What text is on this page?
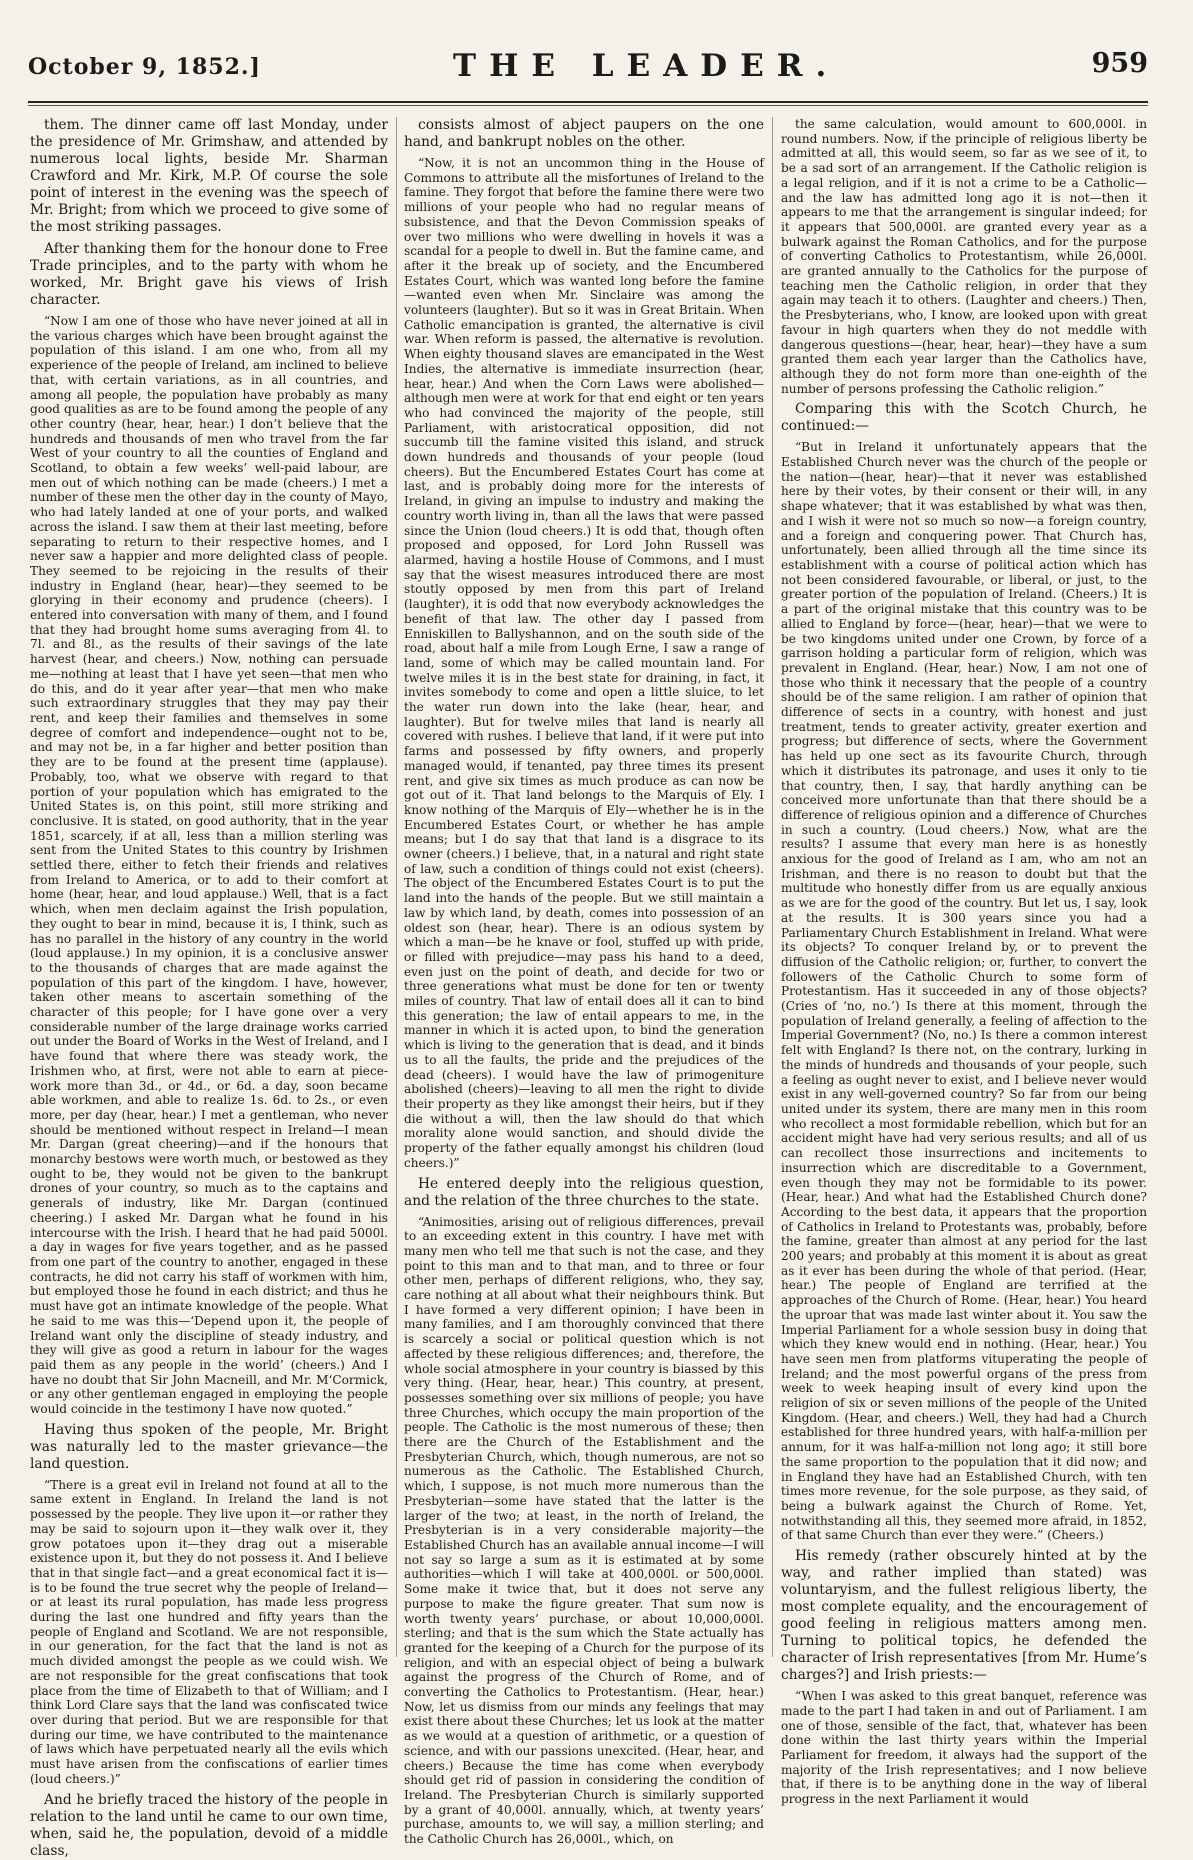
October 9, 1852.]	THE LEADER.	959

them. The dinner came off last Monday, under the presidence of Mr. Grimshaw, and attended by numerous local lights, beside Mr. Sharman Crawford and Mr. Kirk, M.P. Of course the sole point of interest in the evening was the speech of Mr. Bright; from which we proceed to give some of the most striking passages.

After thanking them for the honour done to Free Trade principles, and to the party with whom he worked, Mr. Bright gave his views of Irish character.

“Now I am one of those who have never joined at all in the various charges which have been brought against the population of this island. I am one who, from all my experience of the people of Ireland, am inclined to believe that, with certain variations, as in all countries, and among all people, the population have probably as many good qualities as are to be found among the people of any other country (hear, hear, hear.) I don’t believe that the hundreds and thousands of men who travel from the far West of your country to all the counties of England and Scotland, to obtain a few weeks’ well-paid labour, are men out of which nothing can be made (cheers.) I met a number of these men the other day in the county of Mayo, who had lately landed at one of your ports, and walked across the island. I saw them at their last meeting, before separating to return to their respective homes, and I never saw a happier and more delighted class of people. They seemed to be rejoicing in the results of their industry in England (hear, hear)—they seemed to be glorying in their economy and prudence (cheers). I entered into conversation with many of them, and I found that they had brought home sums averaging from 4l. to 7l. and 8l., as the results of their savings of the late harvest (hear, and cheers.) Now, nothing can persuade me—nothing at least that I have yet seen—that men who do this, and do it year after year—that men who make such extraordinary struggles that they may pay their rent, and keep their families and themselves in some degree of comfort and independence—ought not to be, and may not be, in a far higher and better position than they are to be found at the present time (applause). Probably, too, what we observe with regard to that portion of your population which has emigrated to the United States is, on this point, still more striking and conclusive. It is stated, on good authority, that in the year 1851, scarcely, if at all, less than a million sterling was sent from the United States to this country by Irishmen settled there, either to fetch their friends and relatives from Ireland to America, or to add to their comfort at home (hear, hear, and loud applause.) Well, that is a fact which, when men declaim against the Irish population, they ought to bear in mind, because it is, I think, such as has no parallel in the history of any country in the world (loud applause.) In my opinion, it is a conclusive answer to the thousands of charges that are made against the population of this part of the kingdom. I have, however, taken other means to ascertain something of the character of this people; for I have gone over a very considerable number of the large drainage works carried out under the Board of Works in the West of Ireland, and I have found that where there was steady work, the Irishmen who, at first, were not able to earn at piece-work more than 3d., or 4d., or 6d. a day, soon became able workmen, and able to realize 1s. 6d. to 2s., or even more, per day (hear, hear.) I met a gentleman, who never should be mentioned without respect in Ireland—I mean Mr. Dargan (great cheering)—and if the honours that monarchy bestows were worth much, or bestowed as they ought to be, they would not be given to the bankrupt drones of your country, so much as to the captains and generals of industry, like Mr. Dargan (continued cheering.) I asked Mr. Dargan what he found in his intercourse with the Irish. I heard that he had paid 5000l. a day in wages for five years together, and as he passed from one part of the country to another, engaged in these contracts, he did not carry his staff of workmen with him, but employed those he found in each district; and thus he must have got an intimate knowledge of the people. What he said to me was this—‘Depend upon it, the people of Ireland want only the discipline of steady industry, and they will give as good a return in labour for the wages paid them as any people in the world’ (cheers.) And I have no doubt that Sir John Macneill, and Mr. M‘Cormick, or any other gentleman engaged in employing the people would coincide in the testimony I have now quoted.”

Having thus spoken of the people, Mr. Bright was naturally led to the master grievance—the land question.

“There is a great evil in Ireland not found at all to the same extent in England. In Ireland the land is not possessed by the people. They live upon it—or rather they may be said to sojourn upon it—they walk over it, they grow potatoes upon it—they drag out a miserable existence upon it, but they do not possess it. And I believe that in that single fact—and a great economical fact it is—is to be found the true secret why the people of Ireland—or at least its rural population, has made less progress during the last one hundred and fifty years than the people of England and Scotland. We are not responsible, in our generation, for the fact that the land is not as much divided amongst the people as we could wish. We are not responsible for the great confiscations that took place from the time of Elizabeth to that of William; and I think Lord Clare says that the land was confiscated twice over during that period. But we are responsible for that during our time, we have contributed to the maintenance of laws which have perpetuated nearly all the evils which must have arisen from the confiscations of earlier times (loud cheers.)”

And he briefly traced the history of the people in relation to the land until he came to our own time, when, said he, the population, devoid of a middle class,

consists almost of abject paupers on the one hand, and bankrupt nobles on the other.

“Now, it is not an uncommon thing in the House of Commons to attribute all the misfortunes of Ireland to the famine. They forgot that before the famine there were two millions of your people who had no regular means of subsistence, and that the Devon Commission speaks of over two millions who were dwelling in hovels it was a scandal for a people to dwell in. But the famine came, and after it the break up of society, and the Encumbered Estates Court, which was wanted long before the famine—wanted even when Mr. Sinclaire was among the volunteers (laughter). But so it was in Great Britain. When Catholic emancipation is granted, the alternative is civil war. When reform is passed, the alternative is revolution. When eighty thousand slaves are emancipated in the West Indies, the alternative is immediate insurrection (hear, hear, hear.) And when the Corn Laws were abolished—although men were at work for that end eight or ten years who had convinced the majority of the people, still Parliament, with aristocratical opposition, did not succumb till the famine visited this island, and struck down hundreds and thousands of your people (loud cheers). But the Encumbered Estates Court has come at last, and is probably doing more for the interests of Ireland, in giving an impulse to industry and making the country worth living in, than all the laws that were passed since the Union (loud cheers.) It is odd that, though often proposed and opposed, for Lord John Russell was alarmed, having a hostile House of Commons, and I must say that the wisest measures introduced there are most stoutly opposed by men from this part of Ireland (laughter), it is odd that now everybody acknowledges the benefit of that law. The other day I passed from Enniskillen to Ballyshannon, and on the south side of the road, about half a mile from Lough Erne, I saw a range of land, some of which may be called mountain land. For twelve miles it is in the best state for draining, in fact, it invites somebody to come and open a little sluice, to let the water run down into the lake (hear, hear, and laughter). But for twelve miles that land is nearly all covered with rushes. I believe that land, if it were put into farms and possessed by fifty owners, and properly managed would, if tenanted, pay three times its present rent, and give six times as much produce as can now be got out of it. That land belongs to the Marquis of Ely. I know nothing of the Marquis of Ely—whether he is in the Encumbered Estates Court, or whether he has ample means; but I do say that that land is a disgrace to its owner (cheers.) I believe, that, in a natural and right state of law, such a condition of things could not exist (cheers). The object of the Encumbered Estates Court is to put the land into the hands of the people. But we still maintain a law by which land, by death, comes into possession of an oldest son (hear, hear). There is an odious system by which a man—be he knave or fool, stuffed up with pride, or filled with prejudice—may pass his hand to a deed, even just on the point of death, and decide for two or three generations what must be done for ten or twenty miles of country. That law of entail does all it can to bind this generation; the law of entail appears to me, in the manner in which it is acted upon, to bind the generation which is living to the generation that is dead, and it binds us to all the faults, the pride and the prejudices of the dead (cheers). I would have the law of primogeniture abolished (cheers)—leaving to all men the right to divide their property as they like amongst their heirs, but if they die without a will, then the law should do that which morality alone would sanction, and should divide the property of the father equally amongst his children (loud cheers.)”

He entered deeply into the religious question, and the relation of the three churches to the state.

“Animosities, arising out of religious differences, prevail to an exceeding extent in this country. I have met with many men who tell me that such is not the case, and they point to this man and to that man, and to three or four other men, perhaps of different religions, who, they say, care nothing at all about what their neighbours think. But I have formed a very different opinion; I have been in many families, and I am thoroughly convinced that there is scarcely a social or political question which is not affected by these religious differences; and, therefore, the whole social atmosphere in your country is biassed by this very thing. (Hear, hear, hear.) This country, at present, possesses something over six millions of people; you have three Churches, which occupy the main proportion of the people. The Catholic is the most numerous of these; then there are the Church of the Establishment and the Presbyterian Church, which, though numerous, are not so numerous as the Catholic. The Established Church, which, I suppose, is not much more numerous than the Presbyterian—some have stated that the latter is the larger of the two; at least, in the north of Ireland, the Presbyterian is in a very considerable majority—the Established Church has an available annual income—I will not say so large a sum as it is estimated at by some authorities—which I will take at 400,000l. or 500,000l. Some make it twice that, but it does not serve any purpose to make the figure greater. That sum now is worth twenty years’ purchase, or about 10,000,000l. sterling; and that is the sum which the State actually has granted for the keeping of a Church for the purpose of its religion, and with an especial object of being a bulwark against the progress of the Church of Rome, and of converting the Catholics to Protestantism. (Hear, hear.) Now, let us dismiss from our minds any feelings that may exist there about these Churches; let us look at the matter as we would at a question of arithmetic, or a question of science, and with our passions unexcited. (Hear, hear, and cheers.) Because the time has come when everybody should get rid of passion in considering the condition of Ireland. The Presbyterian Church is similarly supported by a grant of 40,000l. annually, which, at twenty years’ purchase, amounts to, we will say, a million sterling; and the Catholic Church has 26,000l., which, on

the same calculation, would amount to 600,000l. in round numbers. Now, if the principle of religious liberty be admitted at all, this would seem, so far as we see of it, to be a sad sort of an arrangement. If the Catholic religion is a legal religion, and if it is not a crime to be a Catholic—and the law has admitted long ago it is not—then it appears to me that the arrangement is singular indeed; for it appears that 500,000l. are granted every year as a bulwark against the Roman Catholics, and for the purpose of converting Catholics to Protestantism, while 26,000l. are granted annually to the Catholics for the purpose of teaching men the Catholic religion, in order that they again may teach it to others. (Laughter and cheers.) Then, the Presbyterians, who, I know, are looked upon with great favour in high quarters when they do not meddle with dangerous questions—(hear, hear, hear)—they have a sum granted them each year larger than the Catholics have, although they do not form more than one-eighth of the number of persons professing the Catholic religion.”

Comparing this with the Scotch Church, he continued:—

“But in Ireland it unfortunately appears that the Established Church never was the church of the people or the nation—(hear, hear)—that it never was established here by their votes, by their consent or their will, in any shape whatever; that it was established by what was then, and I wish it were not so much so now—a foreign country, and a foreign and conquering power. That Church has, unfortunately, been allied through all the time since its establishment with a course of political action which has not been considered favourable, or liberal, or just, to the greater portion of the population of Ireland. (Cheers.) It is a part of the original mistake that this country was to be allied to England by force—(hear, hear)—that we were to be two kingdoms united under one Crown, by force of a garrison holding a particular form of religion, which was prevalent in England. (Hear, hear.) Now, I am not one of those who think it necessary that the people of a country should be of the same religion. I am rather of opinion that difference of sects in a country, with honest and just treatment, tends to greater activity, greater exertion and progress; but difference of sects, where the Government has held up one sect as its favourite Church, through which it distributes its patronage, and uses it only to tie that country, then, I say, that hardly anything can be conceived more unfortunate than that there should be a difference of religious opinion and a difference of Churches in such a country. (Loud cheers.) Now, what are the results? I assume that every man here is as honestly anxious for the good of Ireland as I am, who am not an Irishman, and there is no reason to doubt but that the multitude who honestly differ from us are equally anxious as we are for the good of the country. But let us, I say, look at the results. It is 300 years since you had a Parliamentary Church Establishment in Ireland. What were its objects? To conquer Ireland by, or to prevent the diffusion of the Catholic religion; or, further, to convert the followers of the Catholic Church to some form of Protestantism. Has it succeeded in any of those objects? (Cries of ‘no, no.’) Is there at this moment, through the population of Ireland generally, a feeling of affection to the Imperial Government? (No, no.) Is there a common interest felt with England? Is there not, on the contrary, lurking in the minds of hundreds and thousands of your people, such a feeling as ought never to exist, and I believe never would exist in any well-governed country? So far from our being united under its system, there are many men in this room who recollect a most formidable rebellion, which but for an accident might have had very serious results; and all of us can recollect those insurrections and incitements to insurrection which are discreditable to a Government, even though they may not be formidable to its power. (Hear, hear.) And what had the Established Church done? According to the best data, it appears that the proportion of Catholics in Ireland to Protestants was, probably, before the famine, greater than almost at any period for the last 200 years; and probably at this moment it is about as great as it ever has been during the whole of that period. (Hear, hear.) The people of England are terrified at the approaches of the Church of Rome. (Hear, hear.) You heard the uproar that was made last winter about it. You saw the Imperial Parliament for a whole session busy in doing that which they knew would end in nothing. (Hear, hear.) You have seen men from platforms vituperating the people of Ireland; and the most powerful organs of the press from week to week heaping insult of every kind upon the religion of six or seven millions of the people of the United Kingdom. (Hear, and cheers.) Well, they had had a Church established for three hundred years, with half-a-million per annum, for it was half-a-million not long ago; it still bore the same proportion to the population that it did now; and in England they have had an Established Church, with ten times more revenue, for the sole purpose, as they said, of being a bulwark against the Church of Rome. Yet, notwithstanding all this, they seemed more afraid, in 1852, of that same Church than ever they were.” (Cheers.)

His remedy (rather obscurely hinted at by the way, and rather implied than stated) was voluntaryism, and the fullest religious liberty, the most complete equality, and the encouragement of good feeling in religious matters among men. Turning to political topics, he defended the character of Irish representatives [from Mr. Hume’s charges?] and Irish priests:—

“When I was asked to this great banquet, reference was made to the part I had taken in and out of Parliament. I am one of those, sensible of the fact, that, whatever has been done within the last thirty years within the Imperial Parliament for freedom, it always had the support of the majority of the Irish representatives; and I now believe that, if there is to be anything done in the way of liberal progress in the next Parliament it would
